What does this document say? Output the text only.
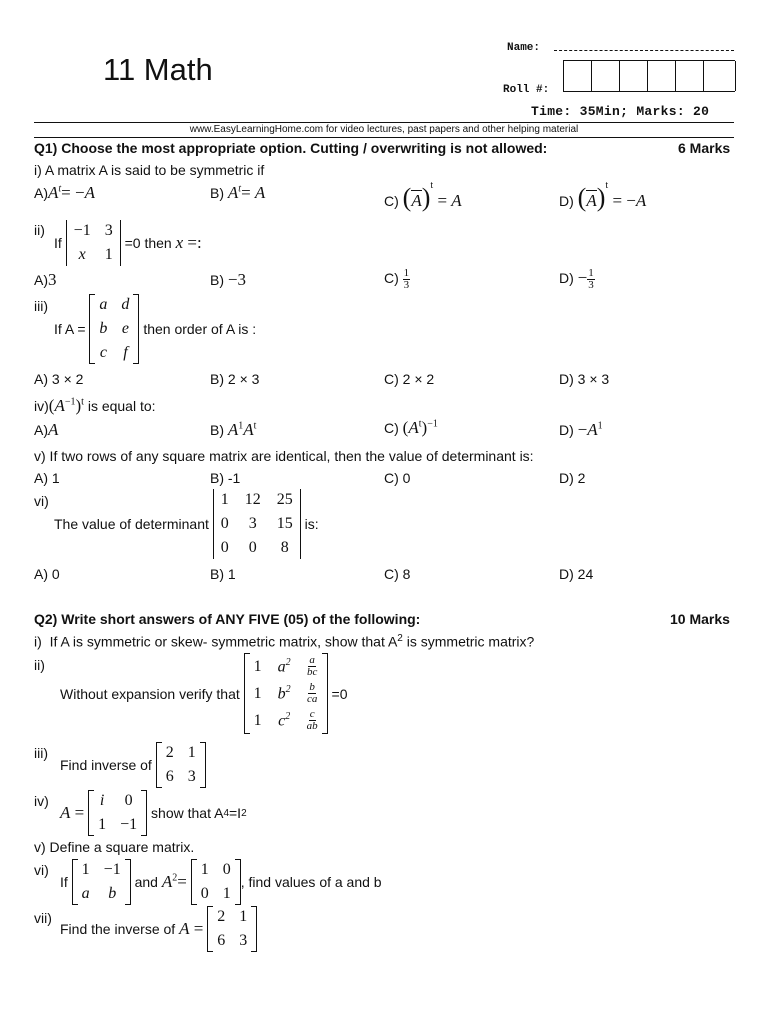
11 Math
Name:
Roll #:
Time: 35Min; Marks: 20
www.EasyLearningHome.com for video lectures, past papers and other helping material
Q1) Choose the most appropriate option. Cutting / overwriting is not allowed:	6 Marks
i) A matrix A is said to be symmetric if
$A)A^t= -A$	B) $A^t= A$	C) $(A)^t = A$	D) $(A)^t = -A$
ii)
If

−1 3
x	1

=0 then
x =:
A)3	B) −3	$C) \frac{1}{3}$	$D) - \frac{1}{3}$
iii)
If A =

a d
b e
c f

then order of A is :
A) 3 × 2	B) 2 × 3	C) 2 × 2	D) 3 × 3
$iv)(A^{-1})^t$ is equal to:
A)A	B) $A^1A^t$	C) $(A^t)^{-1}$	$D) -A^1$
v) If two rows of any square matrix are identical, then the value of determinant is:
A) 1	B) -1	C) 0	D) 2
vi)
The value of determinant

1 12 25
0 3 15
0 0 8

is:
A) 0	B) 1	C) 8	D) 24
Q2) Write short answers of ANY FIVE (05) of the following:	10 Marks
i) If A is symmetric or skew- symmetric matrix, show that $A^2$ is symmetric matrix?
ii)
Without expansion verify that

1 $a^2 \frac{a}{bc}$
1 $b^2 \frac{b}{ca}$
1 $c^2 \frac{c}{ab}$

=0
iii)
Find inverse of

2 1
6 3
iv)
A =

i 0
1 −1

show that A 4 =I 2
v) Define a square matrix.
vi)
If

1 −1
a b

and
$A^2=$

1 0
0 1
, find values of a and b
vii)
Find the inverse of
A =

2 1
6 3
